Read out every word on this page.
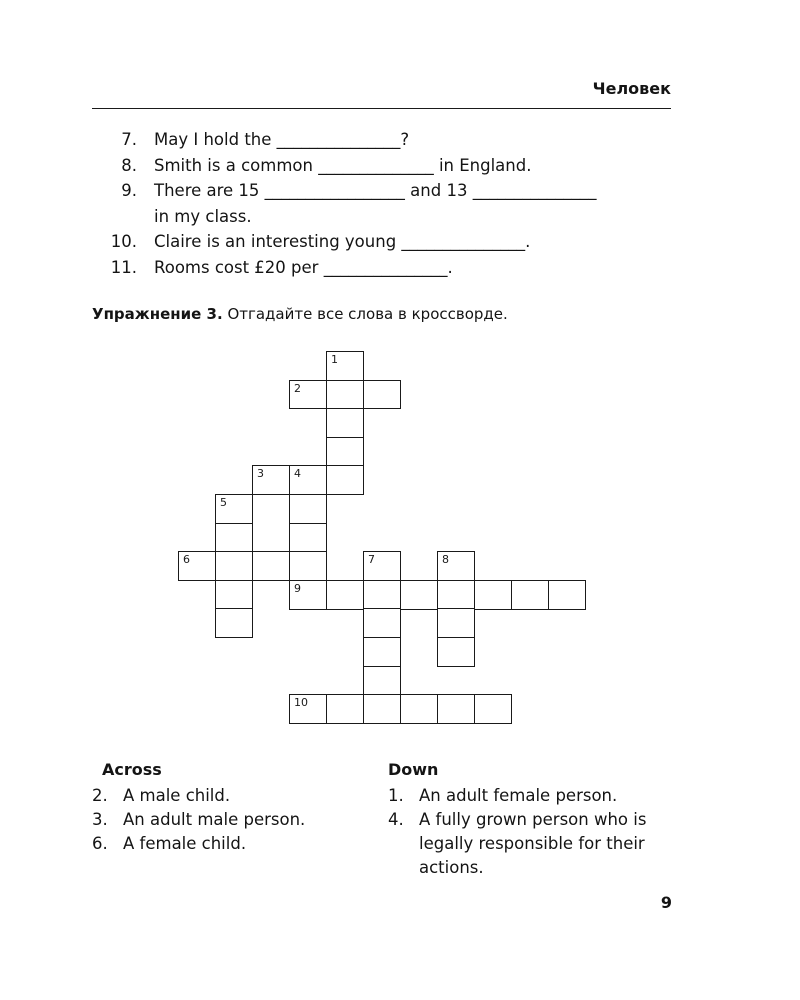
Человек
7.	May I hold the _______________?
8.	Smith is a common ______________ in England.
9.	There are 15 _________________ and 13 _______________
in my class.
10.	Claire is an interesting young _______________.
11.	Rooms cost £20 per _______________.
Упражнение 3. Отгадайте все слова в кроссворде.
1
2
3	4
5
6	7	8
9
10
Across
2. A male child.
3. An adult male person.
6. A female child.
Down
1. An adult female person.
4. A fully grown person who is legally responsible for their actions.
9
